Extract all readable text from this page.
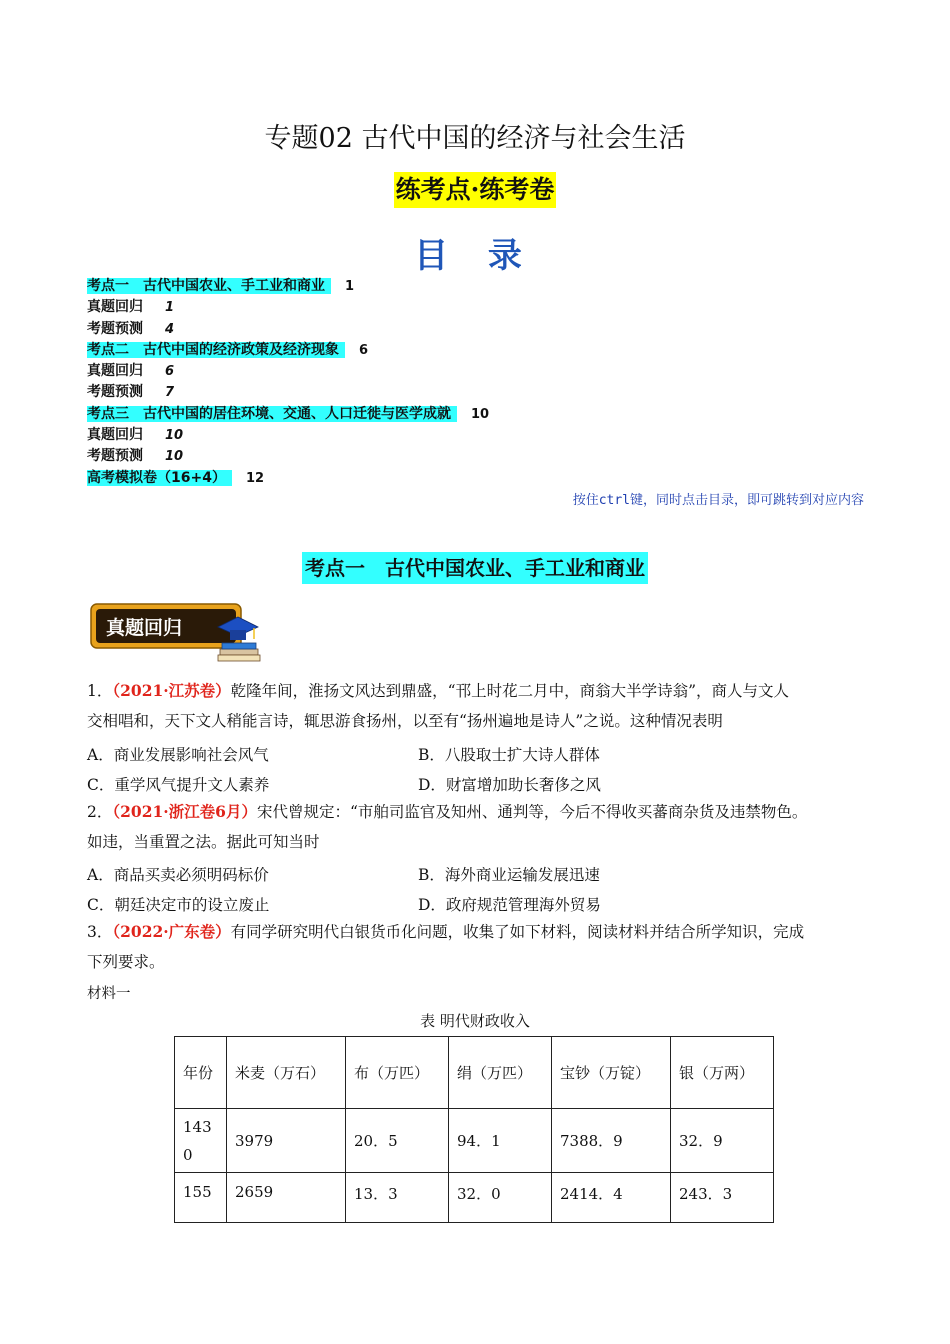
专题02 古代中国的经济与社会生活
练考点·练考卷
目 录
考点一　古代中国农业、手工业和商业 1
真题回归 1
考题预测 4
考点二　古代中国的经济政策及经济现象 6
真题回归 6
考题预测 7
考点三　古代中国的居住环境、交通、人口迁徙与医学成就 10
真题回归 10
考题预测 10
高考模拟卷（16+4） 12
按住ctrl键，同时点击目录，即可跳转到对应内容
考点一　古代中国农业、手工业和商业
真题回归
1．（2021·江苏卷）乾隆年间，淮扬文风达到鼎盛，“邗上时花二月中，商翁大半学诗翁”，商人与文人
交相唱和，天下文人稍能言诗，辄思游食扬州，以至有“扬州遍地是诗人”之说。这种情况表明
A．商业发展影响社会风气	B．八股取士扩大诗人群体
C．重学风气提升文人素养	D．财富增加助长奢侈之风
2．（2021·浙江卷6月）宋代曾规定：“市舶司监官及知州、通判等，今后不得收买蕃商杂货及违禁物色。
如违，当重置之法。据此可知当时
A．商品买卖必须明码标价	B．海外商业运输发展迅速
C．朝廷决定市的设立废止	D．政府规范管理海外贸易
3．（2022·广东卷）有同学研究明代白银货币化问题，收集了如下材料，阅读材料并结合所学知识，完成
下列要求。
材料一
表 明代财政收入
年份	米麦（万石）	布（万匹）	绢（万匹）	宝钞（万锭）	银（万两）
1430	3979	20．5	94．1	7388．9	32．9
155	2659	13．3	32．0	2414．4	243．3
